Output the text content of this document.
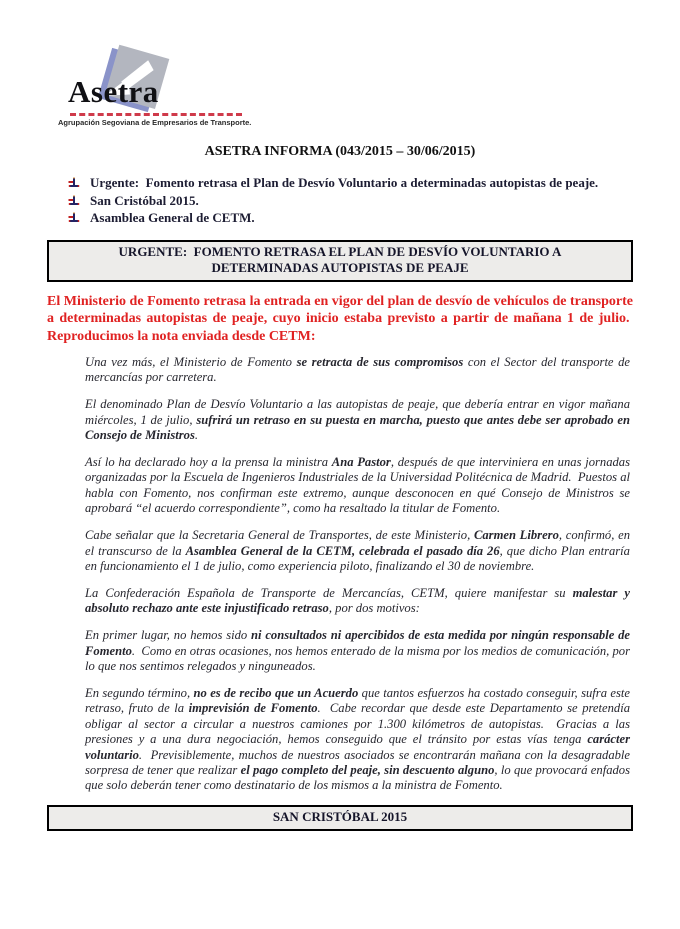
Asetra
Agrupación Segoviana de Empresarios de Transporte.
ASETRA INFORMA (043/2015 – 30/06/2015)
Urgente:  Fomento retrasa el Plan de Desvío Voluntario a determinadas autopistas de peaje.
San Cristóbal 2015.
Asamblea General de CETM.
URGENTE:  FOMENTO RETRASA EL PLAN DE DESVÍO VOLUNTARIO A DETERMINADAS AUTOPISTAS DE PEAJE
El Ministerio de Fomento retrasa la entrada en vigor del plan de desvío de vehículos de transporte a determinadas autopistas de peaje, cuyo inicio estaba previsto a partir de mañana 1 de julio.  Reproducimos la nota enviada desde CETM:

Una vez más, el Ministerio de Fomento se retracta de sus compromisos con el Sector del transporte de mercancías por carretera.

El denominado Plan de Desvío Voluntario a las autopistas de peaje, que debería entrar en vigor mañana miércoles, 1 de julio, sufrirá un retraso en su puesta en marcha, puesto que antes debe ser aprobado en Consejo de Ministros.

Así lo ha declarado hoy a la prensa la ministra Ana Pastor, después de que interviniera en unas jornadas organizadas por la Escuela de Ingenieros Industriales de la Universidad Politécnica de Madrid.  Puestos al habla con Fomento, nos confirman este extremo, aunque desconocen en qué Consejo de Ministros se aprobará “el acuerdo correspondiente”, como ha resaltado la titular de Fomento.

Cabe señalar que la Secretaria General de Transportes, de este Ministerio, Carmen Librero, confirmó, en el transcurso de la Asamblea General de la CETM, celebrada el pasado día 26, que dicho Plan entraría en funcionamiento el 1 de julio, como experiencia piloto, finalizando el 30 de noviembre.

La Confederación Española de Transporte de Mercancías, CETM, quiere manifestar su malestar y absoluto rechazo ante este injustificado retraso, por dos motivos:

En primer lugar, no hemos sido ni consultados ni apercibidos de esta medida por ningún responsable de Fomento.  Como en otras ocasiones, nos hemos enterado de la misma por los medios de comunicación, por lo que nos sentimos relegados y ninguneados.

En segundo término, no es de recibo que un Acuerdo que tantos esfuerzos ha costado conseguir, sufra este retraso, fruto de la imprevisión de Fomento.  Cabe recordar que desde este Departamento se pretendía obligar al sector a circular a nuestros camiones por 1.300 kilómetros de autopistas.  Gracias a las presiones y a una dura negociación, hemos conseguido que el tránsito por estas vías tenga carácter voluntario.  Previsiblemente, muchos de nuestros asociados se encontrarán mañana con la desagradable sorpresa de tener que realizar el pago completo del peaje, sin descuento alguno, lo que provocará enfados que solo deberán tener como destinatario de los mismos a la ministra de Fomento.

SAN CRISTÓBAL 2015
